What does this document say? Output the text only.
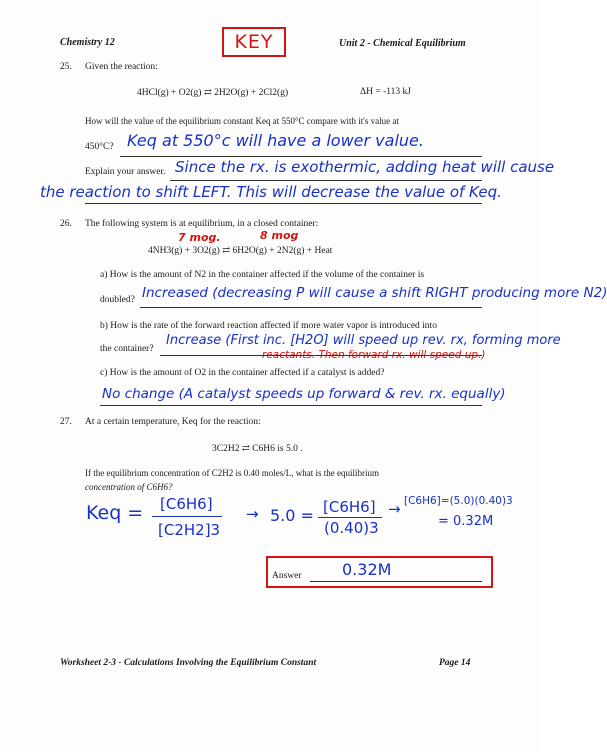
Chemistry 12	KEY	Unit 2 - Chemical Equilibrium
25. Given the reaction:
4HCl(g) + O2(g) ⇄ 2H2O(g) + 2Cl2(g)	ΔH = -113 kJ
How will the value of the equilibrium constant Keq at 550°C compare with it's value at
450°C? Keq at 550°c will have a lower value.
Explain your answer. Since the rx. is exothermic, adding heat will cause
the reaction to shift LEFT. This will decrease the value of Keq.
26. The following system is at equilibrium, in a closed container:
7 mog.	8 mog
4NH3(g) + 3O2(g) ⇄ 6H2O(g) + 2N2(g) + Heat
a) How is the amount of N2 in the container affected if the volume of the container is
doubled? Increased (decreasing P will cause a shift RIGHT producing more N2)
b) How is the rate of the forward reaction affected if more water vapor is introduced into
the container?
Increase (First inc. [H2O] will speed up rev. rx, forming more
reactants. Then forward rx. will speed up.)
c) How is the amount of O2 in the container affected if a catalyst is added?
No change (A catalyst speeds up forward & rev. rx. equally)
27. At a certain temperature, Keq for the reaction:
3C2H2 ⇄ C6H6 is 5.0 .
If the equilibrium concentration of C2H2 is 0.40 moles/L, what is the equilibrium
concentration of C6H6?
Keq = [C6H6]
[C2H2]3
→ 5.0 = [C6H6]
(0.40)3
→ [C6H6]=(5.0)(0.40)3
= 0.32M
Answer	0.32M
Worksheet 2-3 - Calculations Involving the Equilibrium Constant	Page 14
